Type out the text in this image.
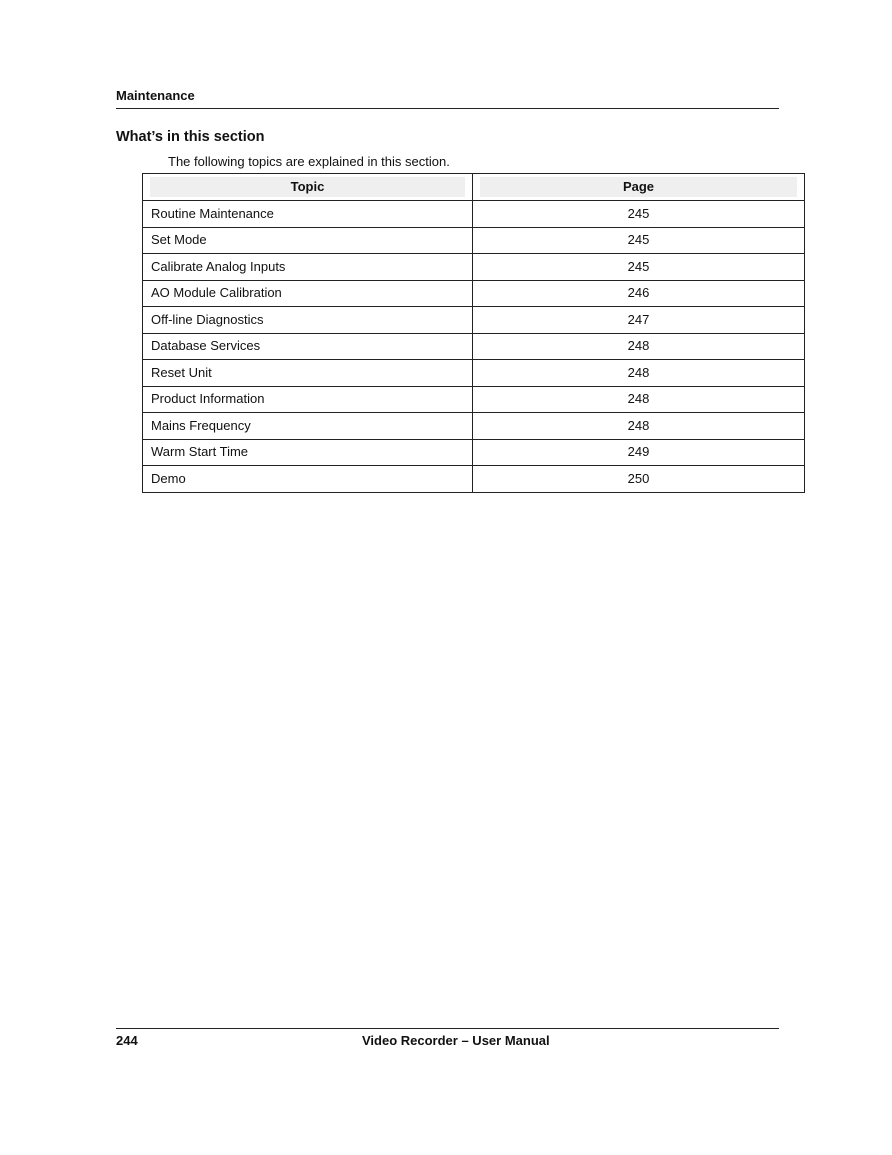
Maintenance
What’s in this section
The following topics are explained in this section.
Topic	Page

Routine Maintenance	245
Set Mode	245
Calibrate Analog Inputs	245
AO Module Calibration	246
Off-line Diagnostics	247
Database Services	248
Reset Unit	248
Product Information	248
Mains Frequency	248
Warm Start Time	249
Demo	250
244	Video Recorder – User Manual
